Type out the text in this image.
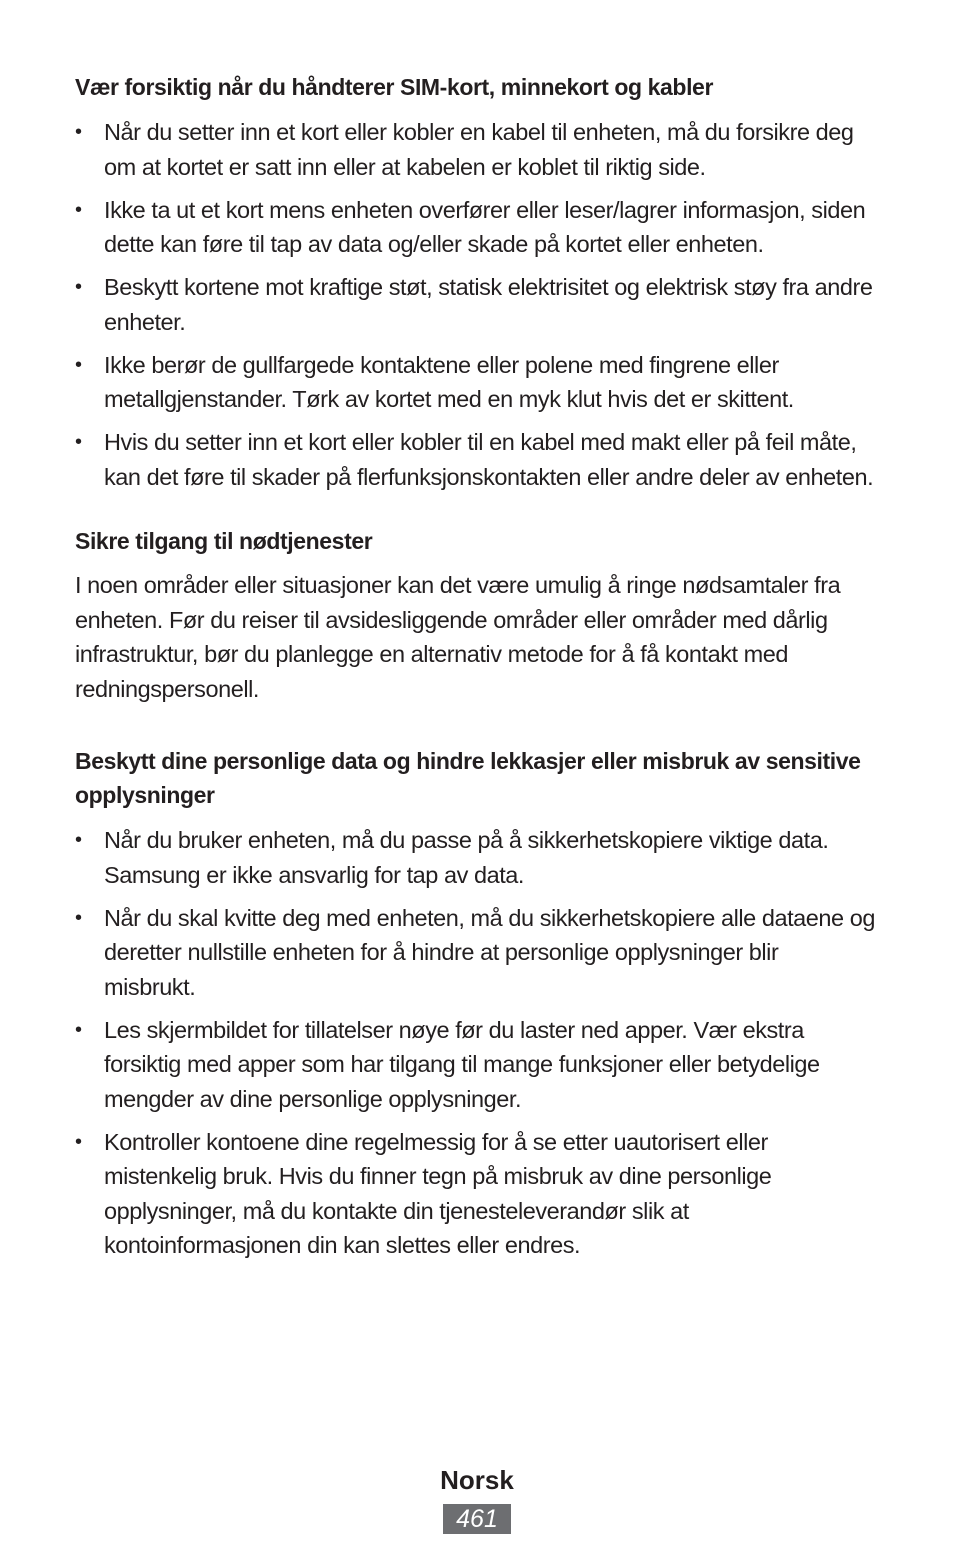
Vær forsiktig når du håndterer SIM-kort, minnekort og kabler
• Når du setter inn et kort eller kobler en kabel til enheten, må du forsikre deg om at kortet er satt inn eller at kabelen er koblet til riktig side.
• Ikke ta ut et kort mens enheten overfører eller leser/lagrer informasjon, siden dette kan føre til tap av data og/eller skade på kortet eller enheten.
• Beskytt kortene mot kraftige støt, statisk elektrisitet og elektrisk støy fra andre enheter.
• Ikke berør de gullfargede kontaktene eller polene med fingrene eller metallgjenstander. Tørk av kortet med en myk klut hvis det er skittent.
• Hvis du setter inn et kort eller kobler til en kabel med makt eller på feil måte, kan det føre til skader på flerfunksjonskontakten eller andre deler av enheten.
Sikre tilgang til nødtjenester

I noen områder eller situasjoner kan det være umulig å ringe nødsamtaler fra enheten. Før du reiser til avsidesliggende områder eller områder med dårlig infrastruktur, bør du planlegge en alternativ metode for å få kontakt med redningspersonell.

Beskytt dine personlige data og hindre lekkasjer eller misbruk av sensitive opplysninger
• Når du bruker enheten, må du passe på å sikkerhetskopiere viktige data. Samsung er ikke ansvarlig for tap av data.
• Når du skal kvitte deg med enheten, må du sikkerhetskopiere alle dataene og deretter nullstille enheten for å hindre at personlige opplysninger blir misbrukt.
• Les skjermbildet for tillatelser nøye før du laster ned apper. Vær ekstra forsiktig med apper som har tilgang til mange funksjoner eller betydelige mengder av dine personlige opplysninger.
• Kontroller kontoene dine regelmessig for å se etter uautorisert eller mistenkelig bruk. Hvis du finner tegn på misbruk av dine personlige opplysninger, må du kontakte din tjenesteleverandør slik at kontoinformasjonen din kan slettes eller endres.
Norsk
461
